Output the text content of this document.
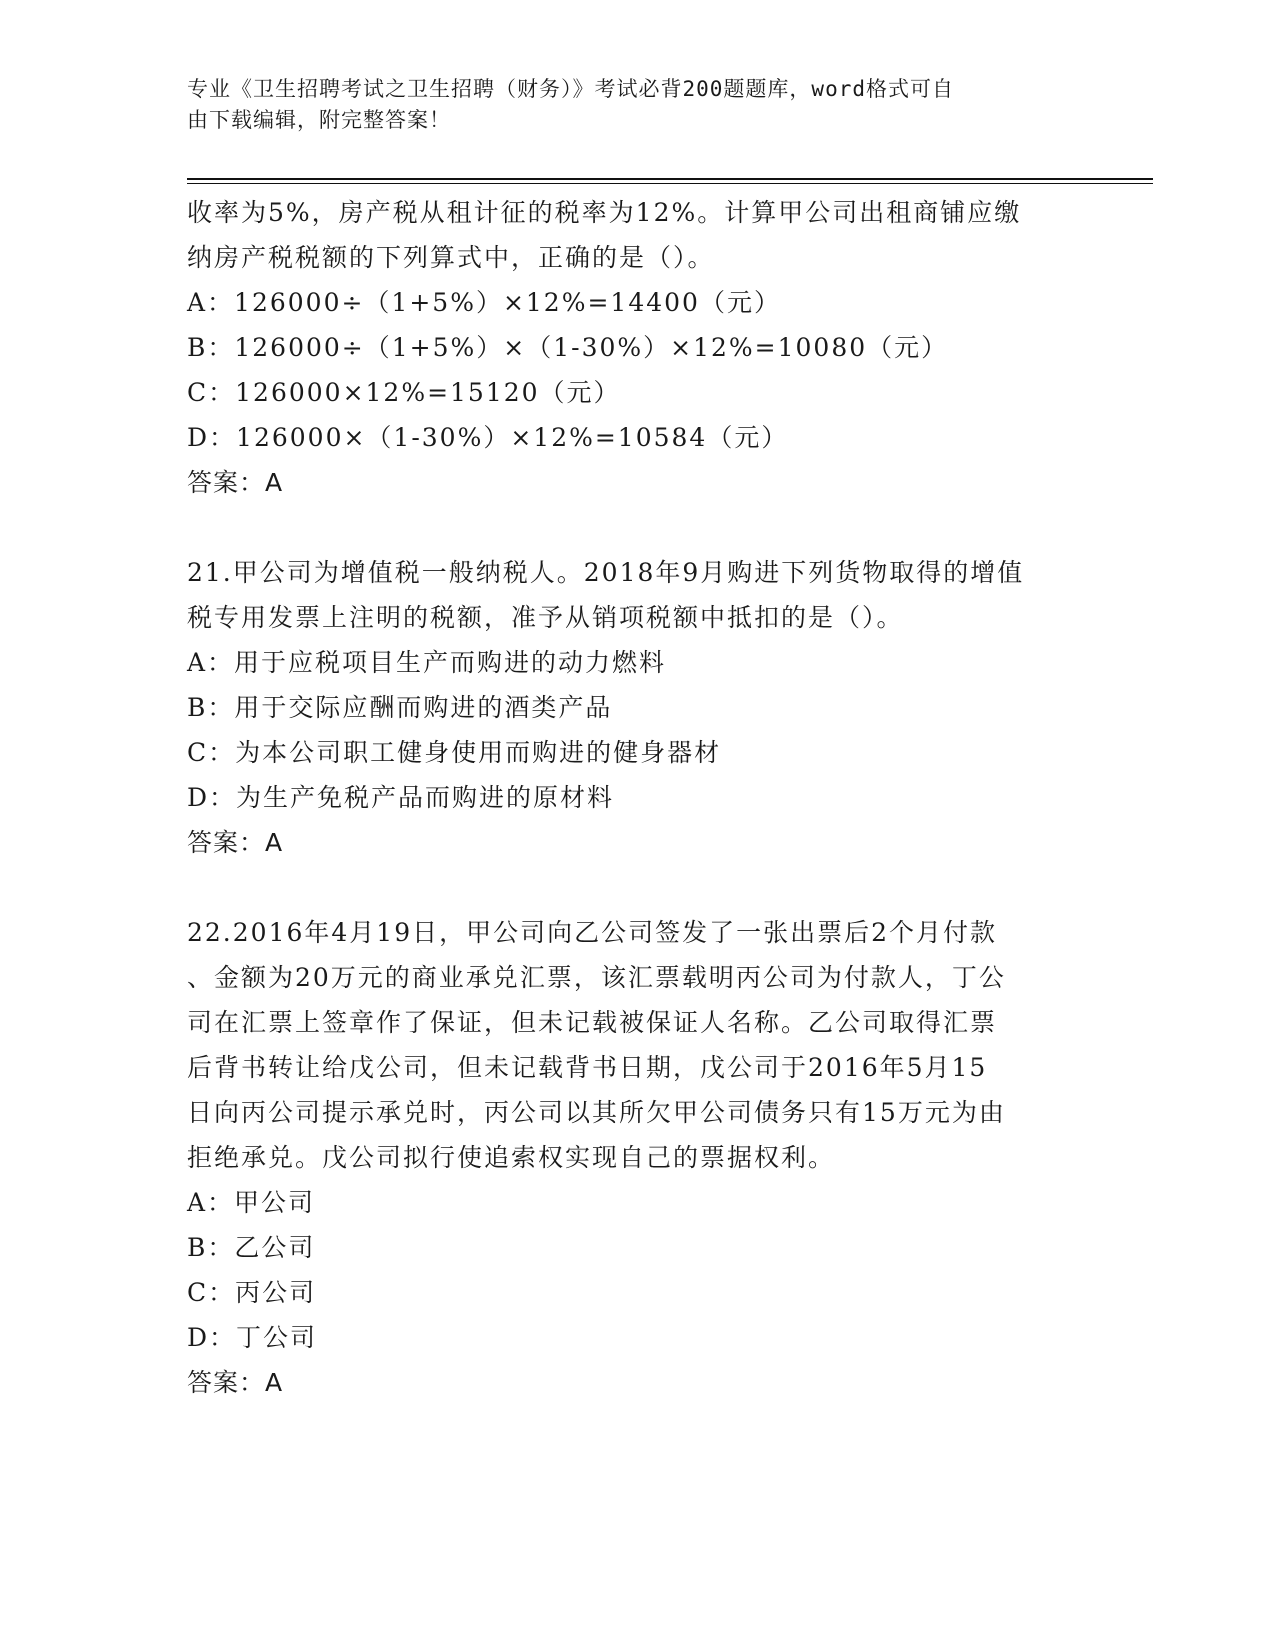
专业《卫生招聘考试之卫生招聘（财务）》考试必背200题题库，word格式可自
由下载编辑，附完整答案！
收率为5%，房产税从租计征的税率为12%。计算甲公司出租商铺应缴
纳房产税税额的下列算式中，正确的是（）。
A：126000÷（1+5%）×12%=14400（元）
B：126000÷（1+5%）×（1-30%）×12%=10080（元）
C：126000×12%=15120（元）
D：126000×（1-30%）×12%=10584（元）
答案：A
21.甲公司为增值税一般纳税人。2018年9月购进下列货物取得的增值
税专用发票上注明的税额，准予从销项税额中抵扣的是（）。
A：用于应税项目生产而购进的动力燃料
B：用于交际应酬而购进的酒类产品
C：为本公司职工健身使用而购进的健身器材
D：为生产免税产品而购进的原材料
答案：A
22.2016年4月19日，甲公司向乙公司签发了一张出票后2个月付款
、金额为20万元的商业承兑汇票，该汇票载明丙公司为付款人，丁公
司在汇票上签章作了保证，但未记载被保证人名称。乙公司取得汇票
后背书转让给戊公司，但未记载背书日期，戊公司于2016年5月15
日向丙公司提示承兑时，丙公司以其所欠甲公司债务只有15万元为由
拒绝承兑。戊公司拟行使追索权实现自己的票据权利。
A：甲公司
B：乙公司
C：丙公司
D：丁公司
答案：A
